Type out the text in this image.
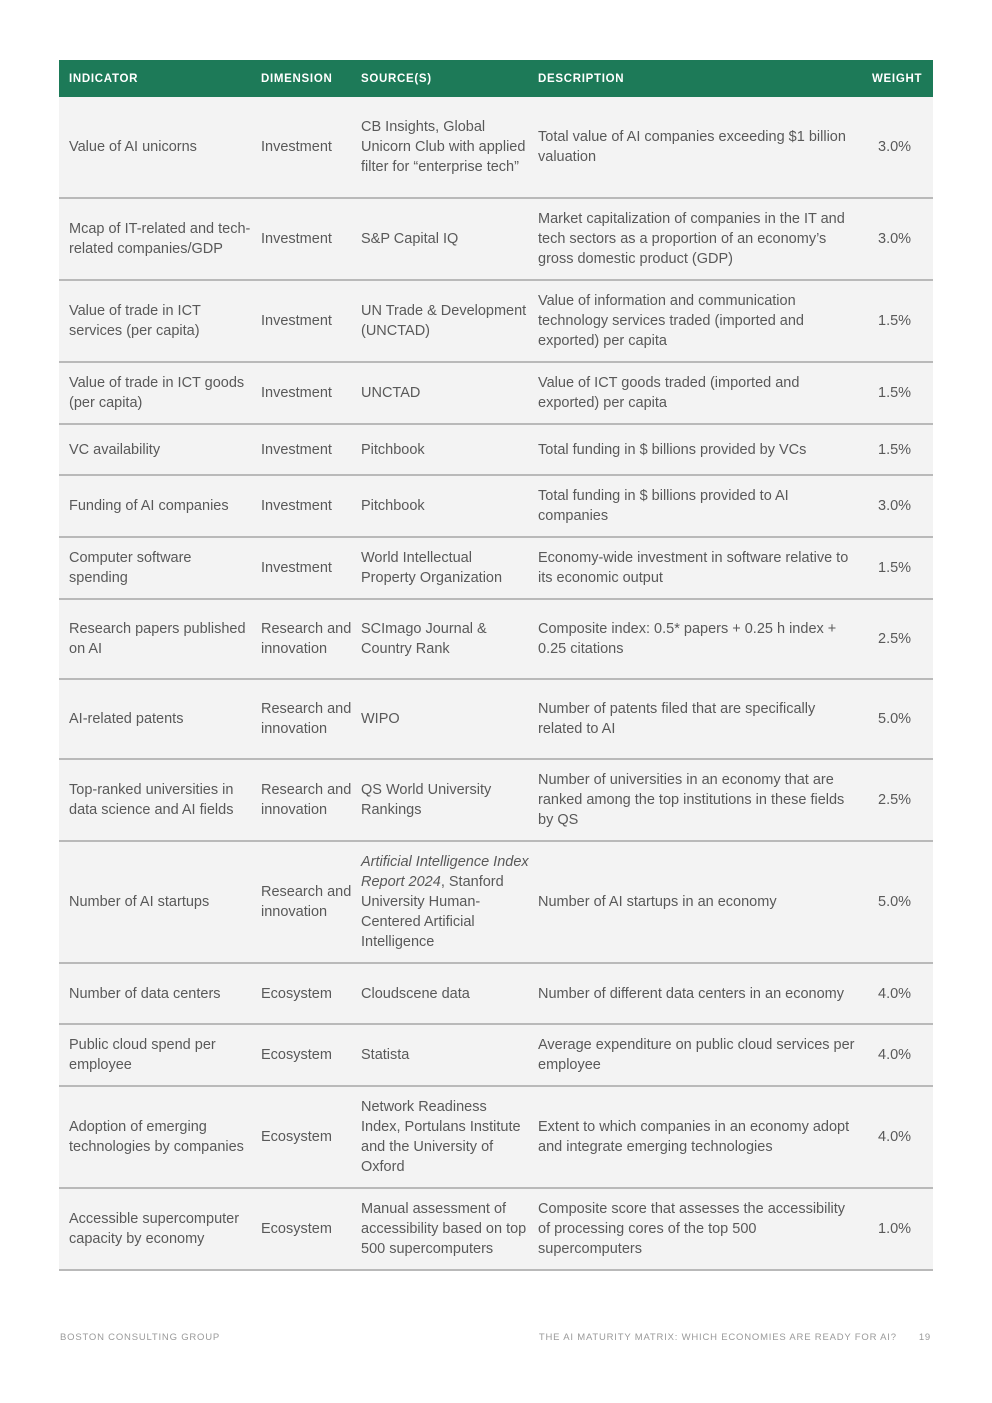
INDICATOR	DIMENSION	SOURCE(S)	DESCRIPTION	WEIGHT
Value of AI unicorns	Investment	CB Insights, Global Unicorn Club with applied filter for “enterprise tech”	Total value of AI companies exceeding $1 billion valuation	3.0%
Mcap of IT-related and tech-related companies/GDP	Investment	S&P Capital IQ	Market capitalization of companies in the IT and tech sectors as a proportion of an economy’s gross domestic product (GDP)	3.0%
Value of trade in ICT services (per capita)	Investment	UN Trade & Development (UNCTAD)	Value of information and communication technology services traded (imported and exported) per capita	1.5%
Value of trade in ICT goods (per capita)	Investment	UNCTAD	Value of ICT goods traded (imported and exported) per capita	1.5%
VC availability	Investment	Pitchbook	Total funding in $ billions provided by VCs	1.5%
Funding of AI companies	Investment	Pitchbook	Total funding in $ billions provided to AI companies	3.0%
Computer software spending	Investment	World Intellectual Property Organization	Economy-wide investment in software relative to its economic output	1.5%
Research papers published on AI	Research and innovation	SCImago Journal & Country Rank	Composite index: 0.5* papers + 0.25 h index + 0.25 citations	2.5%
AI-related patents	Research and innovation	WIPO	Number of patents filed that are specifically related to AI	5.0%
Top-ranked universities in data science and AI fields	Research and innovation	QS World University Rankings	Number of universities in an economy that are ranked among the top institutions in these fields by QS	2.5%
Number of AI startups	Research and innovation	Artificial Intelligence Index Report 2024, Stanford University Human-Centered Artificial Intelligence	Number of AI startups in an economy	5.0%
Number of data centers	Ecosystem	Cloudscene data	Number of different data centers in an economy	4.0%
Public cloud spend per employee	Ecosystem	Statista	Average expenditure on public cloud services per employee	4.0%
Adoption of emerging technologies by companies	Ecosystem	Network Readiness Index, Portulans Institute and the University of Oxford	Extent to which companies in an economy adopt and integrate emerging technologies	4.0%
Accessible supercomputer capacity by economy	Ecosystem	Manual assessment of accessibility based on top 500 supercomputers	Composite score that assesses the accessibility of processing cores of the top 500 supercomputers	1.0%
BOSTON CONSULTING GROUP	THE AI MATURITY MATRIX: WHICH ECONOMIES ARE READY FOR AI? 19
